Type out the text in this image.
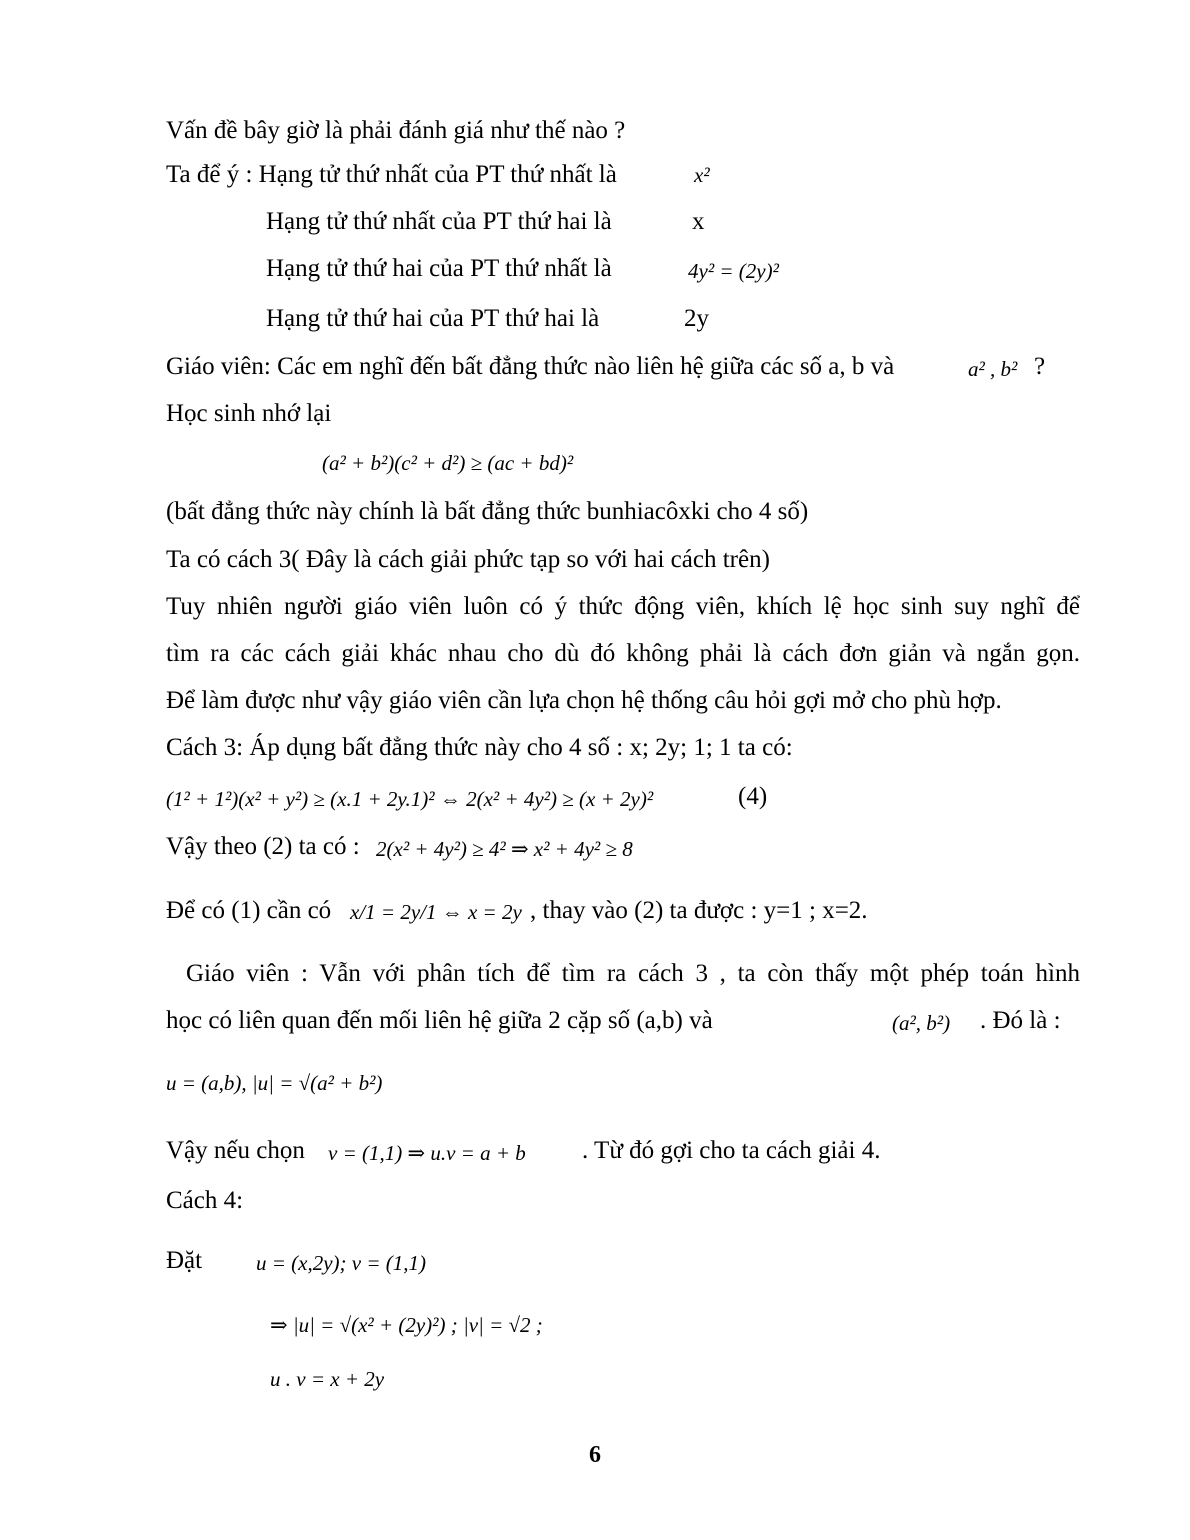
Vấn đề bây giờ là phải đánh giá như thế nào ?
Ta để ý : Hạng tử thứ nhất của PT thứ nhất là	x²
Hạng tử thứ nhất của PT thứ hai là	x
Hạng tử thứ hai của PT thứ nhất là	4y² = (2y)²
Hạng tử thứ hai của PT thứ hai là	2y
Giáo viên: Các em nghĩ đến bất đẳng thức nào liên hệ giữa các số a, b và	a² , b² ?
Học sinh nhớ lại
(a² + b²)(c² + d²) ≥ (ac + bd)²
(bất đẳng thức này chính là bất đẳng thức bunhiacôxki cho 4 số)
Ta có cách 3( Đây là cách giải phức tạp so với hai cách trên)
Tuy nhiên người giáo viên luôn có ý thức động viên, khích lệ học sinh suy nghĩ để
tìm ra các cách giải khác nhau cho dù đó không phải là cách đơn giản và ngắn gọn.
Để làm được như vậy giáo viên cần lựa chọn hệ thống câu hỏi gợi mở cho phù hợp.
Cách 3: Áp dụng bất đẳng thức này cho 4 số : x; 2y; 1; 1 ta có:
(1² + 1²)(x² + y²) ≥ (x.1 + 2y.1)² ⇔ 2(x² + 4y²) ≥ (x + 2y)²	(4)
Vậy theo (2) ta có : 2(x² + 4y²) ≥ 4² ⇒ x² + 4y² ≥ 8
Để có (1) cần có x/1 = 2y/1 ⇔ x = 2y , thay vào (2) ta được : y=1 ; x=2.
Giáo viên : Vẫn với phân tích để tìm ra cách 3 , ta còn thấy một phép toán hình
học có liên quan đến mối liên hệ giữa 2 cặp số (a,b) và	(a², b²) . Đó là :
u = (a,b), |u| = √(a² + b²)
Vậy nếu chọn v = (1,1) ⇒ u.v = a + b . Từ đó gợi cho ta cách giải 4.
Cách 4:
Đặt	u = (x,2y); v = (1,1)
⇒ |u| = √(x² + (2y)²) ; |v| = √2 ;
u . v = x + 2y
6
